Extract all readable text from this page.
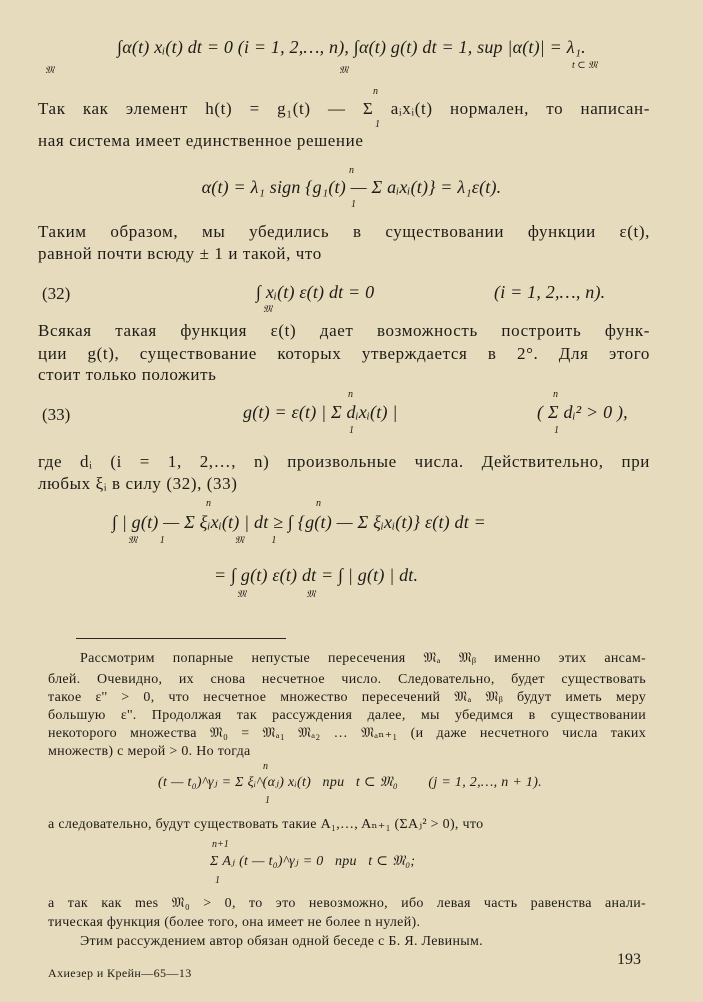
∫α(t) xᵢ(t) dt = 0 (i = 1, 2,…, n), ∫α(t) g(t) dt = 1, sup |α(t)| = λ₁.
𝔐	𝔐	t ⊂ 𝔐
n
Так как элемент h(t) = g₁(t) — Σ aᵢxᵢ(t) нормален, то написан-
1
ная система имеет единственное решение
n
α(t) = λ₁ sign {g₁(t) — Σ aᵢxᵢ(t)} = λ₁ε(t).
1
Таким образом, мы убедились в существовании функции ε(t),
равной почти всюду ± 1 и такой, что
(32)	∫ xᵢ(t) ε(t) dt = 0	(i = 1, 2,…, n).
𝔐
Всякая такая функция ε(t) дает возможность построить функ-
ции g(t), существование которых утверждается в 2°. Для этого
стоит только положить
(33)
n
g(t) = ε(t) | Σ dᵢxᵢ(t) |
1
n
( Σ dᵢ² > 0 ),
1
где dᵢ (i = 1, 2,…, n) произвольные числа. Действительно, при
любых ξᵢ в силу (32), (33)
n                                          n
∫ | g(t) — Σ ξᵢxᵢ(t) | dt ≥ ∫ {g(t) — Σ ξᵢxᵢ(t)} ε(t) dt =
𝔐         1                            𝔐           1
= ∫ g(t) ε(t) dt = ∫ | g(t) | dt.
𝔐                        𝔐
Рассмотрим попарные непустые пересечения 𝔐ₐ 𝔐ᵦ именно этих ансам-
блей. Очевидно, их снова несчетное число. Следовательно, будет существовать
такое ε'' > 0, что несчетное множество пересечений 𝔐ₐ 𝔐ᵦ будут иметь меру
большую ε''. Продолжая так рассуждения далее, мы убедимся в существовании
некоторого множества 𝔐₀ = 𝔐ₐ₁ 𝔐ₐ₂ … 𝔐ₐₙ₊₁ (и даже несчетного числа таких
множеств) с мерой > 0. Но тогда
n
(t — t₀)^γⱼ = Σ ξᵢ^(αⱼ) xᵢ(t)   при   t ⊂ 𝔐₀        (j = 1, 2,…, n + 1).
1
а следовательно, будут существовать такие A₁,…, Aₙ₊₁ (ΣAⱼ² > 0), что
n+1
Σ Aⱼ (t — t₀)^γⱼ = 0   при   t ⊂ 𝔐₀;
1
а так как mes 𝔐₀ > 0, то это невозможно, ибо левая часть равенства анали-
тическая функция (более того, она имеет не более n нулей).
Этим рассуждением автор обязан одной беседе с Б. Я. Левиным.
Ахиезер и Крейн—65—13
193
